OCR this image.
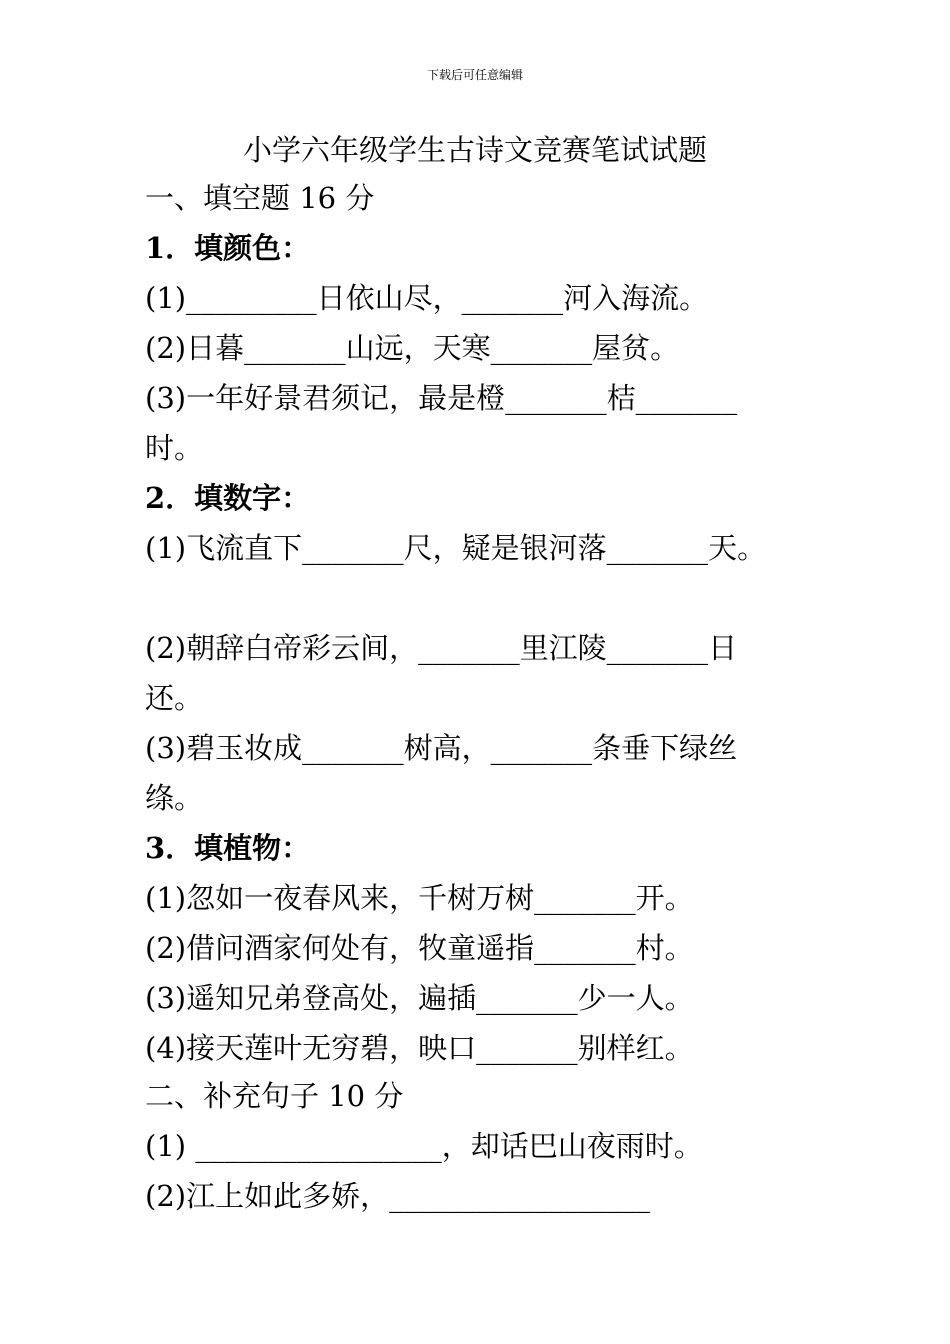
下载后可任意编辑
小学六年级学生古诗文竞赛笔试试题
一、填空题 16 分
1．填颜色：
(1)_________日依山尽，_______河入海流。
(2)日暮_______山远，天寒_______屋贫。
(3)一年好景君须记，最是橙_______桔_______
时。
2．填数字：
(1)飞流直下_______尺，疑是银河落_______天。
(2)朝辞白帝彩云间，_______里江陵_______日
还。
(3)碧玉妆成_______树高，_______条垂下绿丝
绦。
3．填植物：
(1)忽如一夜春风来，千树万树_______开。
(2)借问酒家何处有，牧童遥指_______村。
(3)遥知兄弟登高处，遍插_______少一人。
(4)接天莲叶无穷碧，映口_______别样红。
二、补充句子 10 分
(1) _________________，却话巴山夜雨时。
(2)江上如此多娇，__________________
